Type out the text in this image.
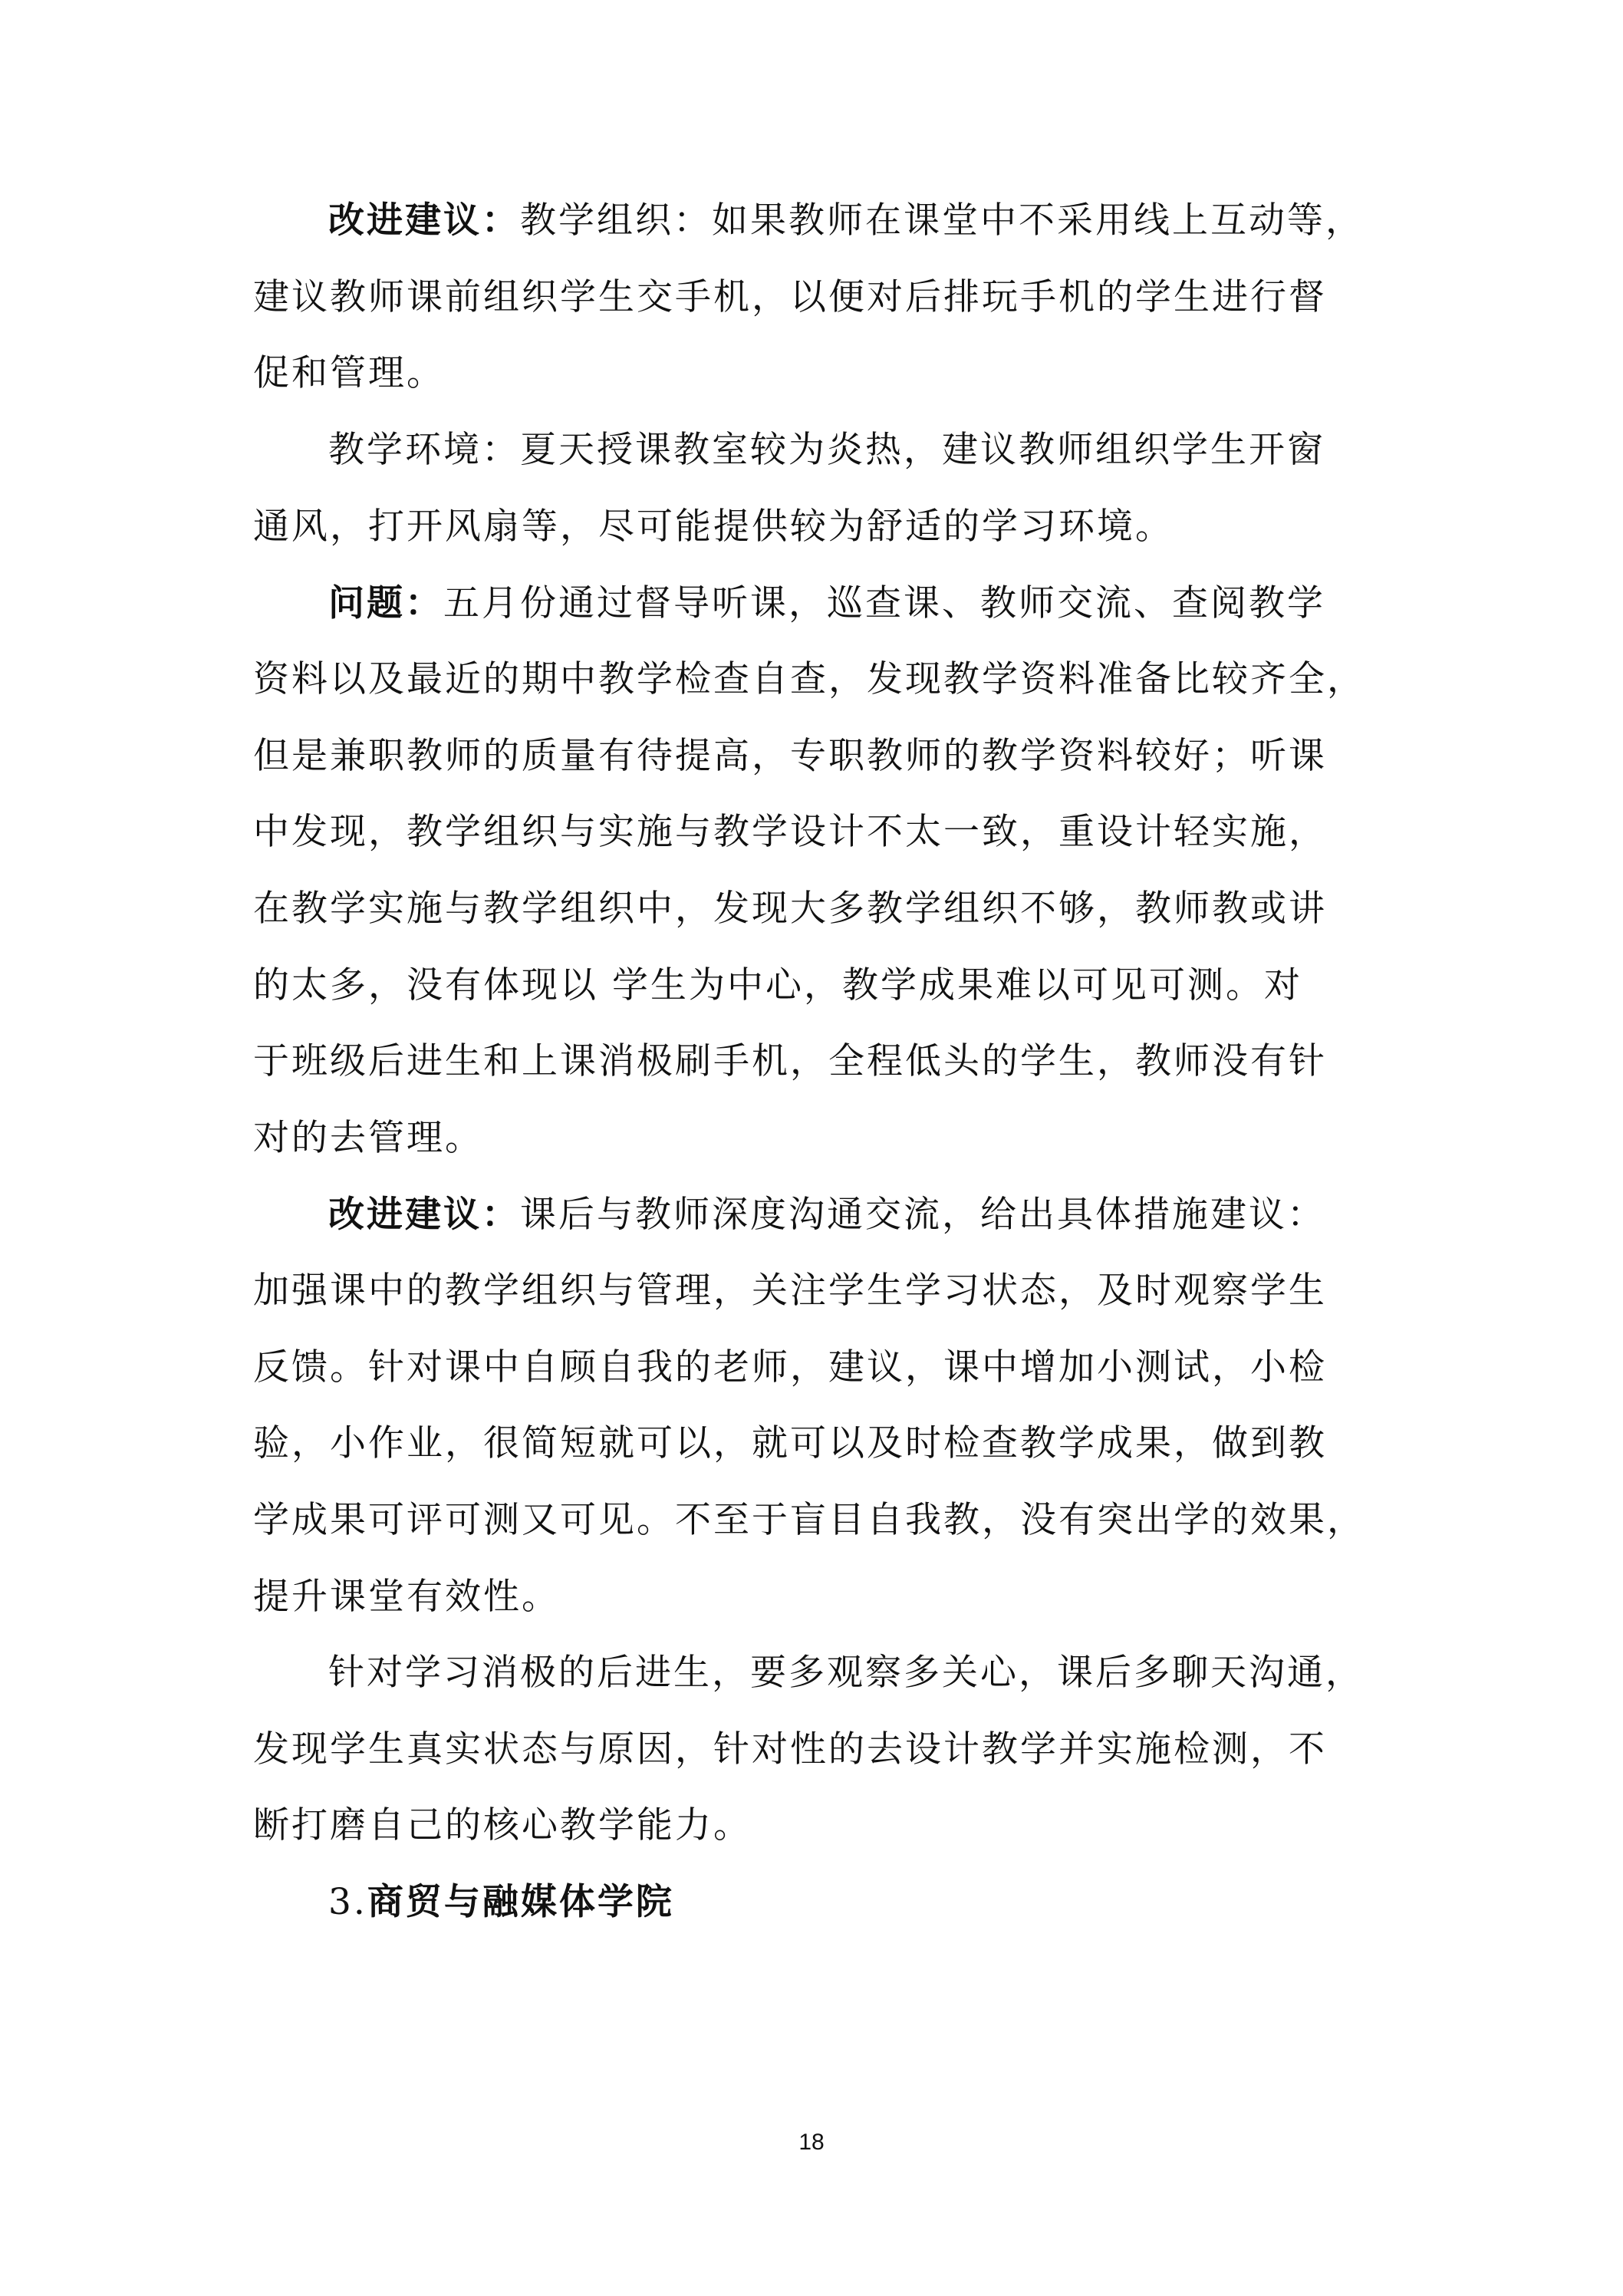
改进建议：教学组织：如果教师在课堂中不采用线上互动等，
建议教师课前组织学生交手机，以便对后排玩手机的学生进行督
促和管理。
教学环境：夏天授课教室较为炎热，建议教师组织学生开窗
通风，打开风扇等，尽可能提供较为舒适的学习环境。
问题：五月份通过督导听课，巡查课、教师交流、查阅教学
资料以及最近的期中教学检查自查，发现教学资料准备比较齐全，
但是兼职教师的质量有待提高，专职教师的教学资料较好；听课
中发现，教学组织与实施与教学设计不太一致，重设计轻实施，
在教学实施与教学组织中，发现大多教学组织不够，教师教或讲
的太多，没有体现以 学生为中心，教学成果难以可见可测。对
于班级后进生和上课消极刷手机，全程低头的学生，教师没有针
对的去管理。
改进建议：课后与教师深度沟通交流，给出具体措施建议：
加强课中的教学组织与管理，关注学生学习状态，及时观察学生
反馈。针对课中自顾自我的老师，建议，课中增加小测试，小检
验，小作业，很简短就可以，就可以及时检查教学成果，做到教
学成果可评可测又可见。不至于盲目自我教，没有突出学的效果，
提升课堂有效性。
针对学习消极的后进生，要多观察多关心，课后多聊天沟通，
发现学生真实状态与原因，针对性的去设计教学并实施检测，不
断打磨自己的核心教学能力。
3.商贸与融媒体学院
18
